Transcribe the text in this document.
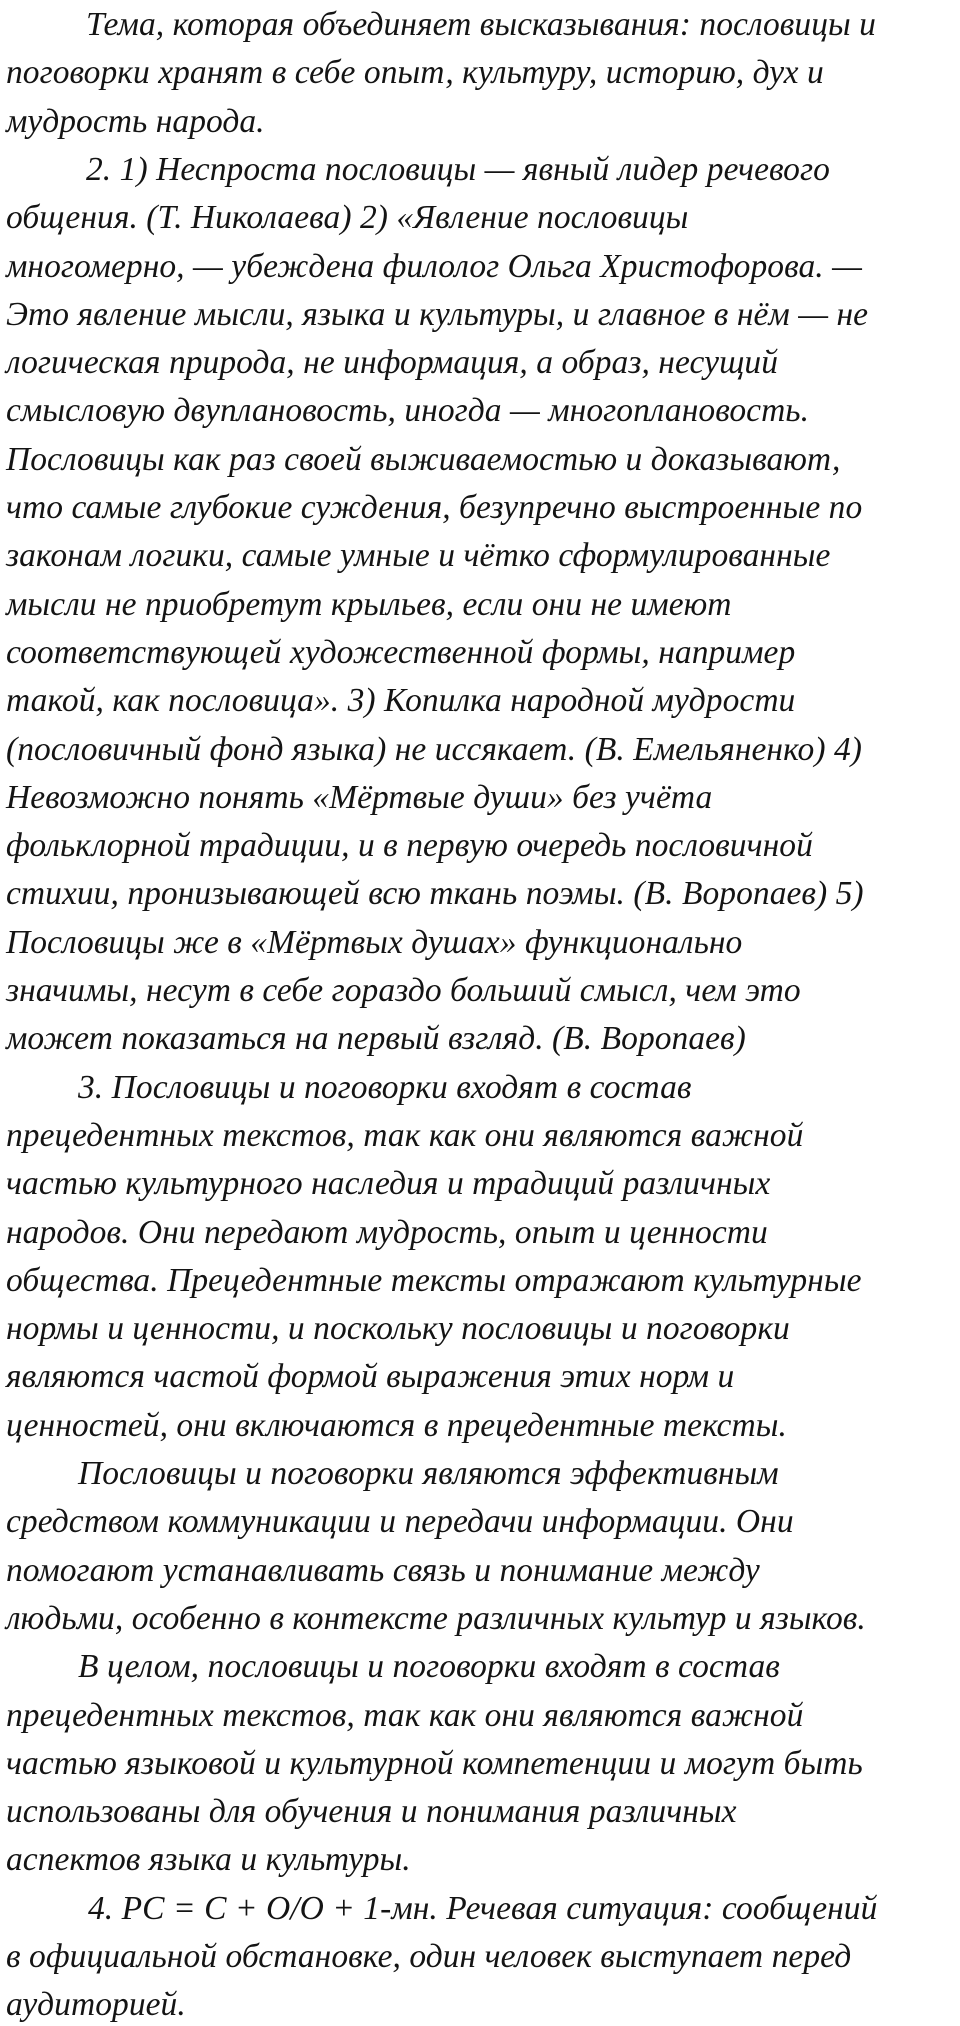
Тема, которая объединяет высказывания: пословицы и
поговорки хранят в себе опыт, культуру, историю, дух и
мудрость народа.
2. 1) Неспроста пословицы — явный лидер речевого
общения. (Т. Николаева) 2) «Явление пословицы
многомерно, — убеждена филолог Ольга Христофорова. —
Это явление мысли, языка и культуры, и главное в нём — не
логическая природа, не информация, а образ, несущий
смысловую двуплановость, иногда — многоплановость.
Пословицы как раз своей выживаемостью и доказывают,
что самые глубокие суждения, безупречно выстроенные по
законам логики, самые умные и чётко сформулированные
мысли не приобретут крыльев, если они не имеют
соответствующей художественной формы, например
такой, как пословица». 3) Копилка народной мудрости
(пословичный фонд языка) не иссякает. (В. Емельяненко) 4)
Невозможно понять «Мёртвые души» без учёта
фольклорной традиции, и в первую очередь пословичной
стихии, пронизывающей всю ткань поэмы. (В. Воропаев) 5)
Пословицы же в «Мёртвых душах» функционально
значимы, несут в себе гораздо больший смысл, чем это
может показаться на первый взгляд. (В. Воропаев)
3. Пословицы и поговорки входят в состав
прецедентных текстов, так как они являются важной
частью культурного наследия и традиций различных
народов. Они передают мудрость, опыт и ценности
общества. Прецедентные тексты отражают культурные
нормы и ценности, и поскольку пословицы и поговорки
являются частой формой выражения этих норм и
ценностей, они включаются в прецедентные тексты.
Пословицы и поговорки являются эффективным
средством коммуникации и передачи информации. Они
помогают устанавливать связь и понимание между
людьми, особенно в контексте различных культур и языков.
В целом, пословицы и поговорки входят в состав
прецедентных текстов, так как они являются важной
частью языковой и культурной компетенции и могут быть
использованы для обучения и понимания различных
аспектов языка и культуры.
4. РС = С + О/О + 1-мн. Речевая ситуация: сообщений
в официальной обстановке, один человек выступает перед
аудиторией.
